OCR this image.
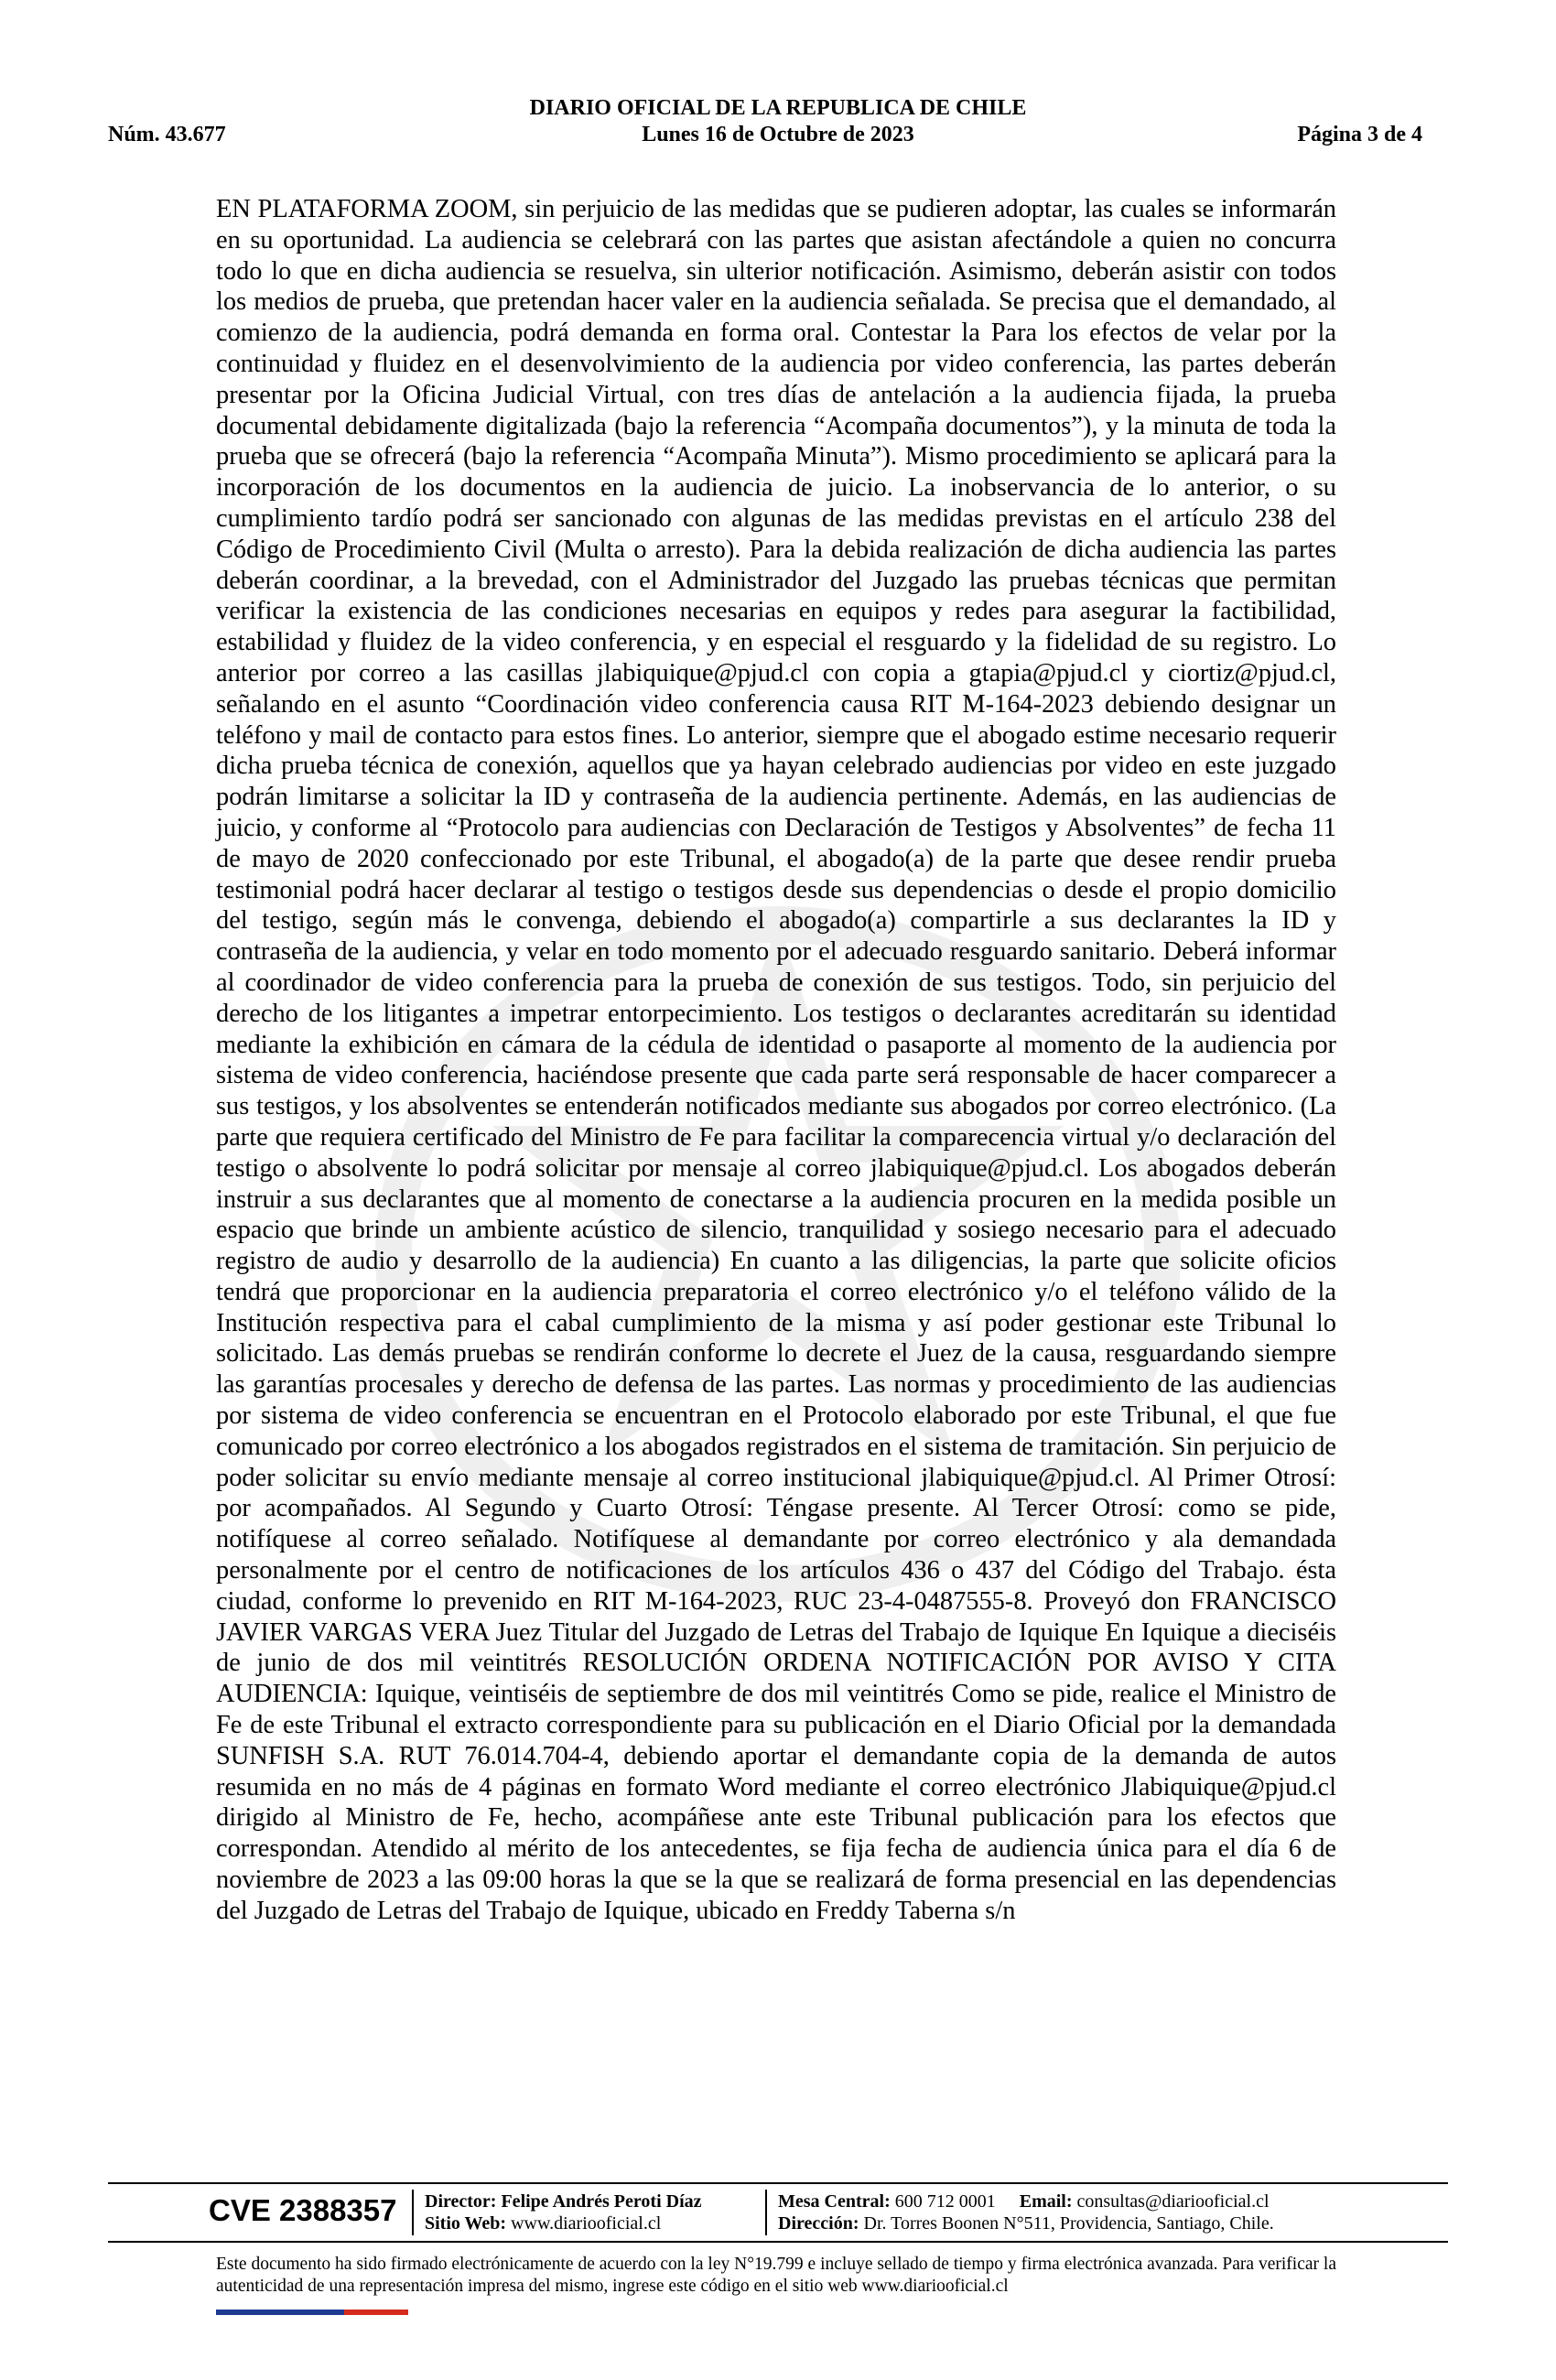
DIARIO OFICIAL DE LA REPUBLICA DE CHILE
Núm. 43.677	Lunes 16 de Octubre de 2023	Página 3 de 4
EN PLATAFORMA ZOOM, sin perjuicio de las medidas que se pudieren adoptar, las cuales se informarán en su oportunidad. La audiencia se celebrará con las partes que asistan afectándole a quien no concurra todo lo que en dicha audiencia se resuelva, sin ulterior notificación. Asimismo, deberán asistir con todos los medios de prueba, que pretendan hacer valer en la audiencia señalada. Se precisa que el demandado, al comienzo de la audiencia, podrá demanda en forma oral. Contestar la Para los efectos de velar por la continuidad y fluidez en el desenvolvimiento de la audiencia por video conferencia, las partes deberán presentar por la Oficina Judicial Virtual, con tres días de antelación a la audiencia fijada, la prueba documental debidamente digitalizada (bajo la referencia “Acompaña documentos”), y la minuta de toda la prueba que se ofrecerá (bajo la referencia “Acompaña Minuta”). Mismo procedimiento se aplicará para la incorporación de los documentos en la audiencia de juicio. La inobservancia de lo anterior, o su cumplimiento tardío podrá ser sancionado con algunas de las medidas previstas en el artículo 238 del Código de Procedimiento Civil (Multa o arresto). Para la debida realización de dicha audiencia las partes deberán coordinar, a la brevedad, con el Administrador del Juzgado las pruebas técnicas que permitan verificar la existencia de las condiciones necesarias en equipos y redes para asegurar la factibilidad, estabilidad y fluidez de la video conferencia, y en especial el resguardo y la fidelidad de su registro. Lo anterior por correo a las casillas jlabiquique@pjud.cl con copia a gtapia@pjud.cl y ciortiz@pjud.cl, señalando en el asunto “Coordinación video conferencia causa RIT M-164-2023 debiendo designar un teléfono y mail de contacto para estos fines. Lo anterior, siempre que el abogado estime necesario requerir dicha prueba técnica de conexión, aquellos que ya hayan celebrado audiencias por video en este juzgado podrán limitarse a solicitar la ID y contraseña de la audiencia pertinente. Además, en las audiencias de juicio, y conforme al “Protocolo para audiencias con Declaración de Testigos y Absolventes” de fecha 11 de mayo de 2020 confeccionado por este Tribunal, el abogado(a) de la parte que desee rendir prueba testimonial podrá hacer declarar al testigo o testigos desde sus dependencias o desde el propio domicilio del testigo, según más le convenga, debiendo el abogado(a) compartirle a sus declarantes la ID y contraseña de la audiencia, y velar en todo momento por el adecuado resguardo sanitario. Deberá informar al coordinador de video conferencia para la prueba de conexión de sus testigos. Todo, sin perjuicio del derecho de los litigantes a impetrar entorpecimiento. Los testigos o declarantes acreditarán su identidad mediante la exhibición en cámara de la cédula de identidad o pasaporte al momento de la audiencia por sistema de video conferencia, haciéndose presente que cada parte será responsable de hacer comparecer a sus testigos, y los absolventes se entenderán notificados mediante sus abogados por correo electrónico. (La parte que requiera certificado del Ministro de Fe para facilitar la comparecencia virtual y/o declaración del testigo o absolvente lo podrá solicitar por mensaje al correo jlabiquique@pjud.cl. Los abogados deberán instruir a sus declarantes que al momento de conectarse a la audiencia procuren en la medida posible un espacio que brinde un ambiente acústico de silencio, tranquilidad y sosiego necesario para el adecuado registro de audio y desarrollo de la audiencia) En cuanto a las diligencias, la parte que solicite oficios tendrá que proporcionar en la audiencia preparatoria el correo electrónico y/o el teléfono válido de la Institución respectiva para el cabal cumplimiento de la misma y así poder gestionar este Tribunal lo solicitado. Las demás pruebas se rendirán conforme lo decrete el Juez de la causa, resguardando siempre las garantías procesales y derecho de defensa de las partes. Las normas y procedimiento de las audiencias por sistema de video conferencia se encuentran en el Protocolo elaborado por este Tribunal, el que fue comunicado por correo electrónico a los abogados registrados en el sistema de tramitación. Sin perjuicio de poder solicitar su envío mediante mensaje al correo institucional jlabiquique@pjud.cl. Al Primer Otrosí: por acompañados. Al Segundo y Cuarto Otrosí: Téngase presente. Al Tercer Otrosí: como se pide, notifíquese al correo señalado. Notifíquese al demandante por correo electrónico y ala demandada personalmente por el centro de notificaciones de los artículos 436 o 437 del Código del Trabajo. ésta ciudad, conforme lo prevenido en RIT M-164-2023, RUC 23-4-0487555-8. Proveyó don FRANCISCO JAVIER VARGAS VERA Juez Titular del Juzgado de Letras del Trabajo de Iquique En Iquique a dieciséis de junio de dos mil veintitrés RESOLUCIÓN ORDENA NOTIFICACIÓN POR AVISO Y CITA AUDIENCIA: Iquique, veintiséis de septiembre de dos mil veintitrés Como se pide, realice el Ministro de Fe de este Tribunal el extracto correspondiente para su publicación en el Diario Oficial por la demandada SUNFISH S.A. RUT 76.014.704-4, debiendo aportar el demandante copia de la demanda de autos resumida en no más de 4 páginas en formato Word mediante el correo electrónico Jlabiquique@pjud.cl dirigido al Ministro de Fe, hecho, acompáñese ante este Tribunal publicación para los efectos que correspondan. Atendido al mérito de los antecedentes, se fija fecha de audiencia única para el día 6 de noviembre de 2023 a las 09:00 horas la que se la que se realizará de forma presencial en las dependencias del Juzgado de Letras del Trabajo de Iquique, ubicado en Freddy Taberna s/n
CVE 2388357	Director: Felipe Andrés Peroti Díaz
Sitio Web: www.diariooficial.cl
Mesa Central: 600 712 0001 Email: consultas@diariooficial.cl
Dirección: Dr. Torres Boonen N°511, Providencia, Santiago, Chile.
Este documento ha sido firmado electrónicamente de acuerdo con la ley N°19.799 e incluye sellado de tiempo y firma electrónica avanzada. Para verificar la autenticidad de una representación impresa del mismo, ingrese este código en el sitio web www.diariooficial.cl
